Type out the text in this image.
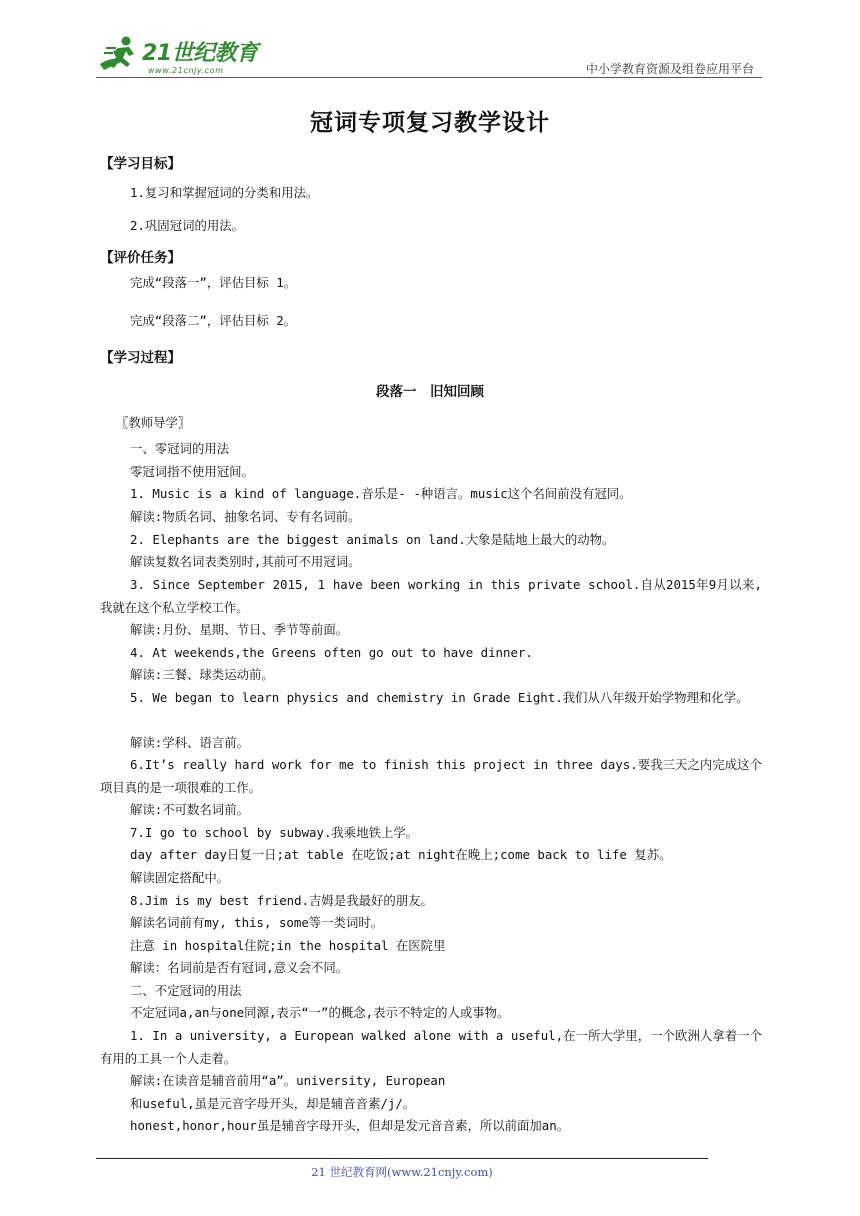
21世纪教育
www.21cnjy.com	中小学教育资源及组卷应用平台
冠词专项复习教学设计
【学习目标】
1.复习和掌握冠词的分类和用法。
2.巩固冠词的用法。
【评价任务】
完成“段落一”，评估目标 1。
完成“段落二”，评估目标 2。
【学习过程】
段落一　旧知回顾
〖教师导学〗
一、零冠词的用法
零冠词指不使用冠间。
1. Music is a kind of language.音乐是- -种语言。music这个名间前没有冠同。
解读:物质名词、抽象名词、专有名词前。
2. Elephants are the biggest animals on land.大象是陆地上最大的动物。
解读复数名词表类别时,其前可不用冠词。
3. Since September 2015, 1 have been working in this private school.自从2015年9月以来,我就在这个私立学校工作。
解读:月份、星期、节日、季节等前面。
4. At weekends,the Greens often go out to have dinner.
解读:三餐、球类运动前。
5. We began to learn physics and chemistry in Grade Eight.我们从八年级开始学物理和化学。
解读:学科、语言前。
6.It’s really hard work for me to finish this project in three days.要我三天之内完成这个项目真的是一项很难的工作。
解读:不可数名词前。
7.I go to school by subway.我乘地铁上学。
day after day日复一日;at table 在吃饭;at night在晚上;come back to life 复苏。
解读固定搭配中。
8.Jim is my best friend.吉姆是我最好的朋友。
解读名词前有my, this, some等一类词时。
注意 in hospital住院;in the hospital 在医院里
解读：名词前是否有冠词,意义会不同。
二、不定冠词的用法
不定冠词a,an与one同源,表示“一”的概念,表示不特定的人或事物。
1. In a university, a European walked alone with a useful,在一所大学里，一个欧洲人拿着一个有用的工具一个人走着。
解读:在读音是辅音前用“a”。university, European
和useful,虽是元音字母开头，却是辅音音素/j/。
honest,honor,hour虽是辅音字母开头，但却是发元音音素，所以前面加an。
21 世纪教育网(www.21cnjy.com)
